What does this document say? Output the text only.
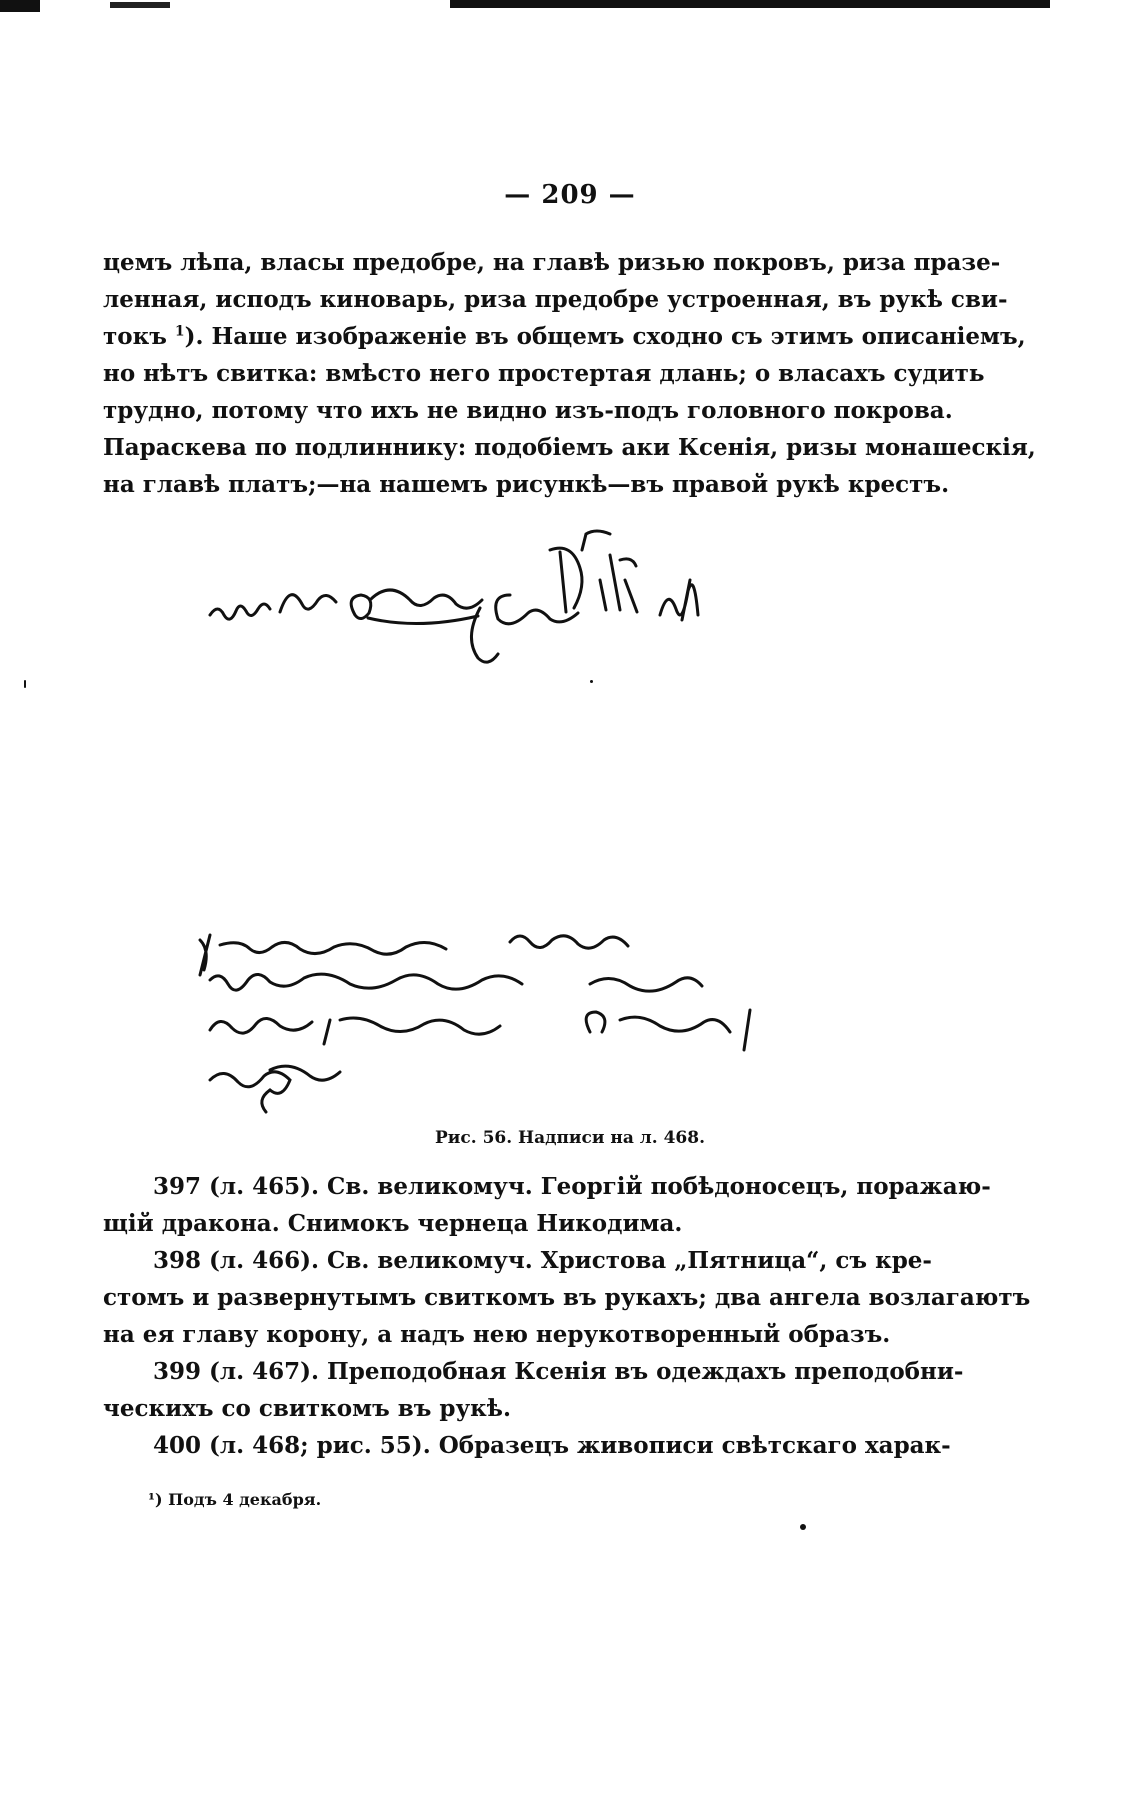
— 209 —
цемъ лѣпа, власы предобре, на главѣ ризью покровъ, риза празе-
ленная, исподъ киноварь, риза предобре устроенная, въ рукѣ сви-
токъ $^1$). Наше изображенiе въ общемъ сходно съ этимъ описанiемъ,
но нѣтъ свитка: вмѣсто него простертая длань; о власахъ судить
трудно, потому что ихъ не видно изъ-подъ головного покрова.
Параскева по подлиннику: подобiемъ аки Ксенiя, ризы монашескiя,
на главѣ платъ;—на нашемъ рисункѣ—въ правой рукѣ крестъ.
Рис. 56. Надписи на л. 468.
397 (л. 465). Св. великомуч. Георгiй побѣдоносецъ, поражаю-
щiй дракона. Снимокъ чернеца Никодима.
398 (л. 466). Св. великомуч. Христова „Пятница“, съ кре-
стомъ и развернутымъ свиткомъ въ рукахъ; два ангела возлагаютъ
на ея главу корону, а надъ нею нерукотворенный образъ.
399 (л. 467). Преподобная Ксенiя въ одеждахъ преподобни-
ческихъ со свиткомъ въ рукѣ.
400 (л. 468; рис. 55). Образецъ живописи свѣтскаго харак-
¹) Подъ 4 декабря.
